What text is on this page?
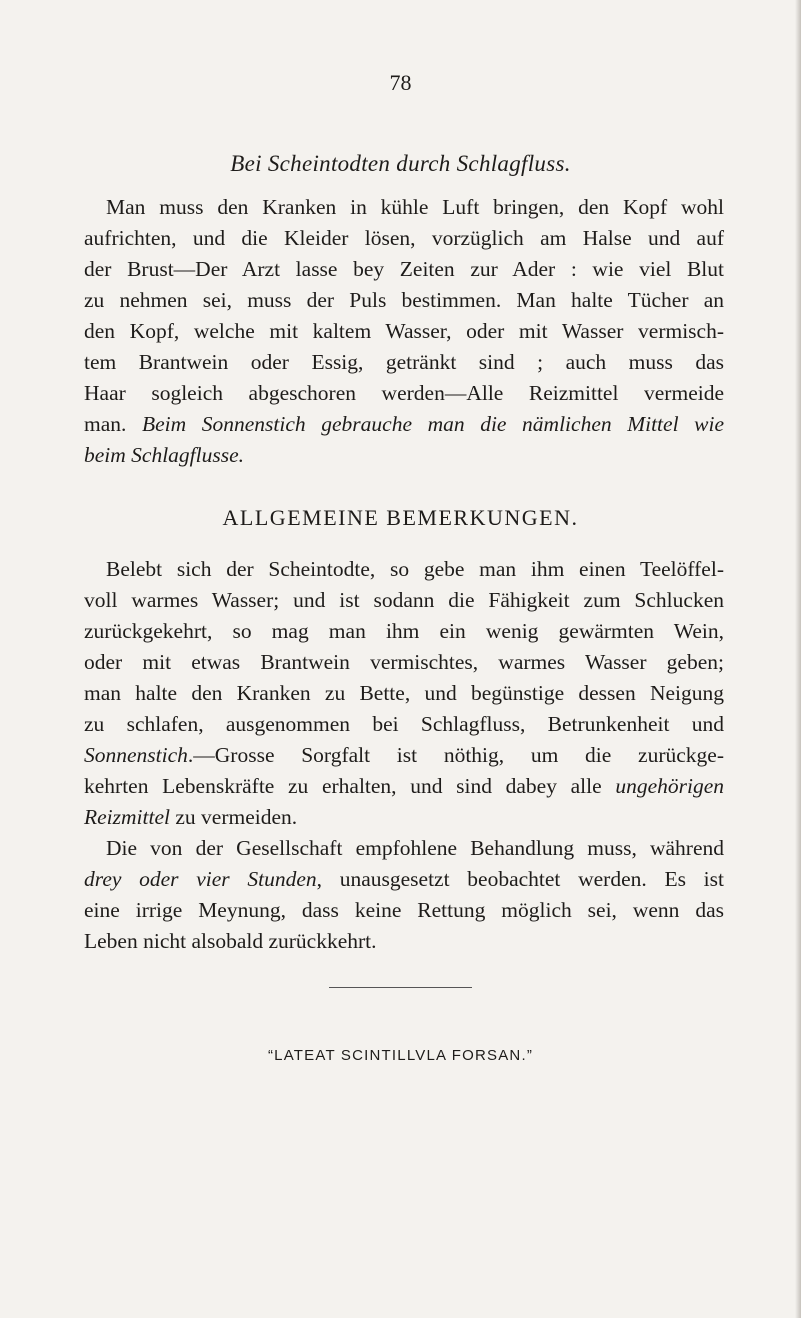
78
Bei Scheintodten durch Schlagfluss.

Man muss den Kranken in kühle Luft bringen, den Kopf wohl
aufrichten, und die Kleider lösen, vorzüglich am Halse und auf
der Brust—Der Arzt lasse bey Zeiten zur Ader : wie viel Blut
zu nehmen sei, muss der Puls bestimmen. Man halte Tücher an
den Kopf, welche mit kaltem Wasser, oder mit Wasser vermisch-
tem Brantwein oder Essig, getränkt sind ; auch muss das
Haar sogleich abgeschoren werden—Alle Reizmittel vermeide
man. Beim Sonnenstich gebrauche man die nämlichen Mittel wie
beim Schlagflusse.

ALLGEMEINE BEMERKUNGEN.

Belebt sich der Scheintodte, so gebe man ihm einen Teelöffel-
voll warmes Wasser; und ist sodann die Fähigkeit zum Schlucken
zurückgekehrt, so mag man ihm ein wenig gewärmten Wein,
oder mit etwas Brantwein vermischtes, warmes Wasser geben;
man halte den Kranken zu Bette, und begünstige dessen Neigung
zu schlafen, ausgenommen bei Schlagfluss, Betrunkenheit und
Sonnenstich.—Grosse Sorgfalt ist nöthig, um die zurückge-
kehrten Lebenskräfte zu erhalten, und sind dabey alle ungehörigen
Reizmittel zu vermeiden.

Die von der Gesellschaft empfohlene Behandlung muss, während
drey oder vier Stunden, unausgesetzt beobachtet werden. Es ist
eine irrige Meynung, dass keine Rettung möglich sei, wenn das
Leben nicht alsobald zurückkehrt.

“LATEAT SCINTILLVLA FORSAN.”
